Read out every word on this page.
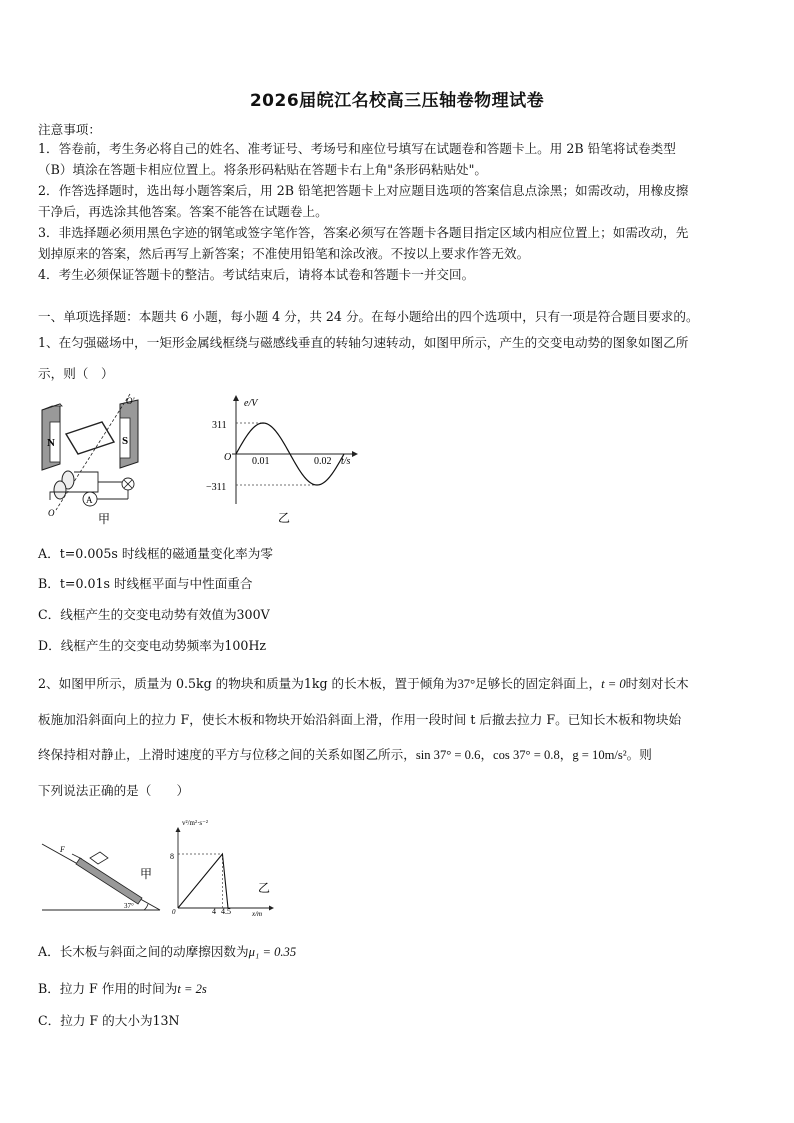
2026届皖江名校高三压轴卷物理试卷
注意事项：
1．答卷前，考生务必将自己的姓名、准考证号、考场号和座位号填写在试题卷和答题卡上。用 2B 铅笔将试卷类型
（B）填涂在答题卡相应位置上。将条形码粘贴在答题卡右上角"条形码粘贴处"。
2．作答选择题时，选出每小题答案后，用 2B 铅笔把答题卡上对应题目选项的答案信息点涂黑；如需改动，用橡皮擦
干净后，再选涂其他答案。答案不能答在试题卷上。
3．非选择题必须用黑色字迹的钢笔或签字笔作答，答案必须写在答题卡各题目指定区域内相应位置上；如需改动，先
划掉原来的答案，然后再写上新答案；不准使用铅笔和涂改液。不按以上要求作答无效。
4．考生必须保证答题卡的整洁。考试结束后，请将本试卷和答题卡一并交回。
一、单项选择题：本题共 6 小题，每小题 4 分，共 24 分。在每小题给出的四个选项中，只有一项是符合题目要求的。
1、在匀强磁场中，一矩形金属线框绕与磁感线垂直的转轴匀速转动，如图甲所示，产生的交变电动势的图象如图乙所
示，则（　）
N	S
A
O
O'
甲
e/V
t/s
O
311
−311
0.01	0.02
乙
A．t=0.005s 时线框的磁通量变化率为零
B．t=0.01s 时线框平面与中性面重合
C．线框产生的交变电动势有效值为300V
D．线框产生的交变电动势频率为100Hz
2、如图甲所示，质量为 0.5kg 的物块和质量为1kg 的长木板，置于倾角为37°足够长的固定斜面上，t = 0时刻对长木
板施加沿斜面向上的拉力 F，使长木板和物块开始沿斜面上滑，作用一段时间 t 后撤去拉力 F。已知长木板和物块始
终保持相对静止，上滑时速度的平方与位移之间的关系如图乙所示，sin 37° = 0.6，cos 37° = 0.8，g = 10m/s²。则
下列说法正确的是（　　）
F
37°
甲
v²/m²·s⁻²
x/m
0
8
4 4.5
乙
A．长木板与斜面之间的动摩擦因数为μ₁ = 0.35
B．拉力 F 作用的时间为t = 2s
C．拉力 F 的大小为13N
